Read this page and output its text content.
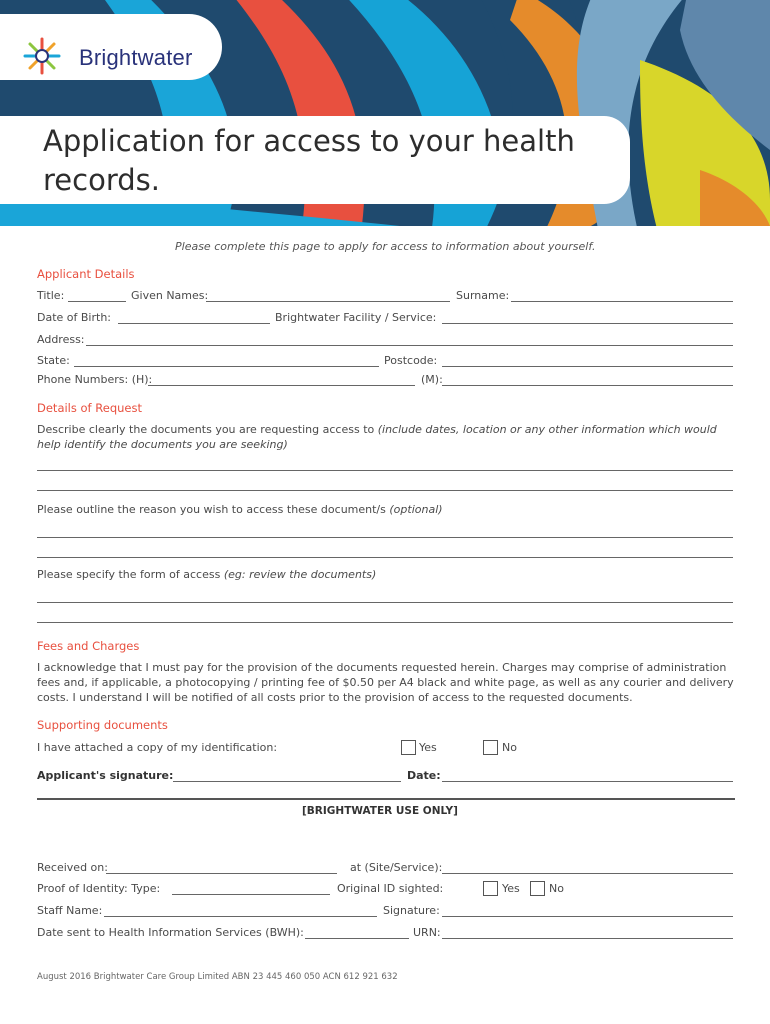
Brightwater
Application for access to your health records.
Please complete this page to apply for access to information about yourself.
Applicant Details
Title:	Given Names:	Surname:
Date of Birth:	Brightwater Facility / Service:
Address:
State:	Postcode:
Phone Numbers: (H):	(M):
Details of Request
Describe clearly the documents you are requesting access to (include dates, location or any other information which would help identify the documents you are seeking)
Please outline the reason you wish to access these document/s (optional)
Please specify the form of access (eg: review the documents)
Fees and Charges
I acknowledge that I must pay for the provision of the documents requested herein. Charges may comprise of administration fees and, if applicable, a photocopying / printing fee of $0.50 per A4 black and white page, as well as any courier and delivery costs. I understand I will be notified of all costs prior to the provision of access to the requested documents.
Supporting documents
I have attached a copy of my identification:	Yes	No
Applicant's signature:	Date:
[BRIGHTWATER USE ONLY]
Received on:	at (Site/Service):
Proof of Identity: Type:	Original ID sighted:	Yes	No
Staff Name:	Signature:
Date sent to Health Information Services (BWH):	URN:
August 2016 Brightwater Care Group Limited ABN 23 445 460 050 ACN 612 921 632
